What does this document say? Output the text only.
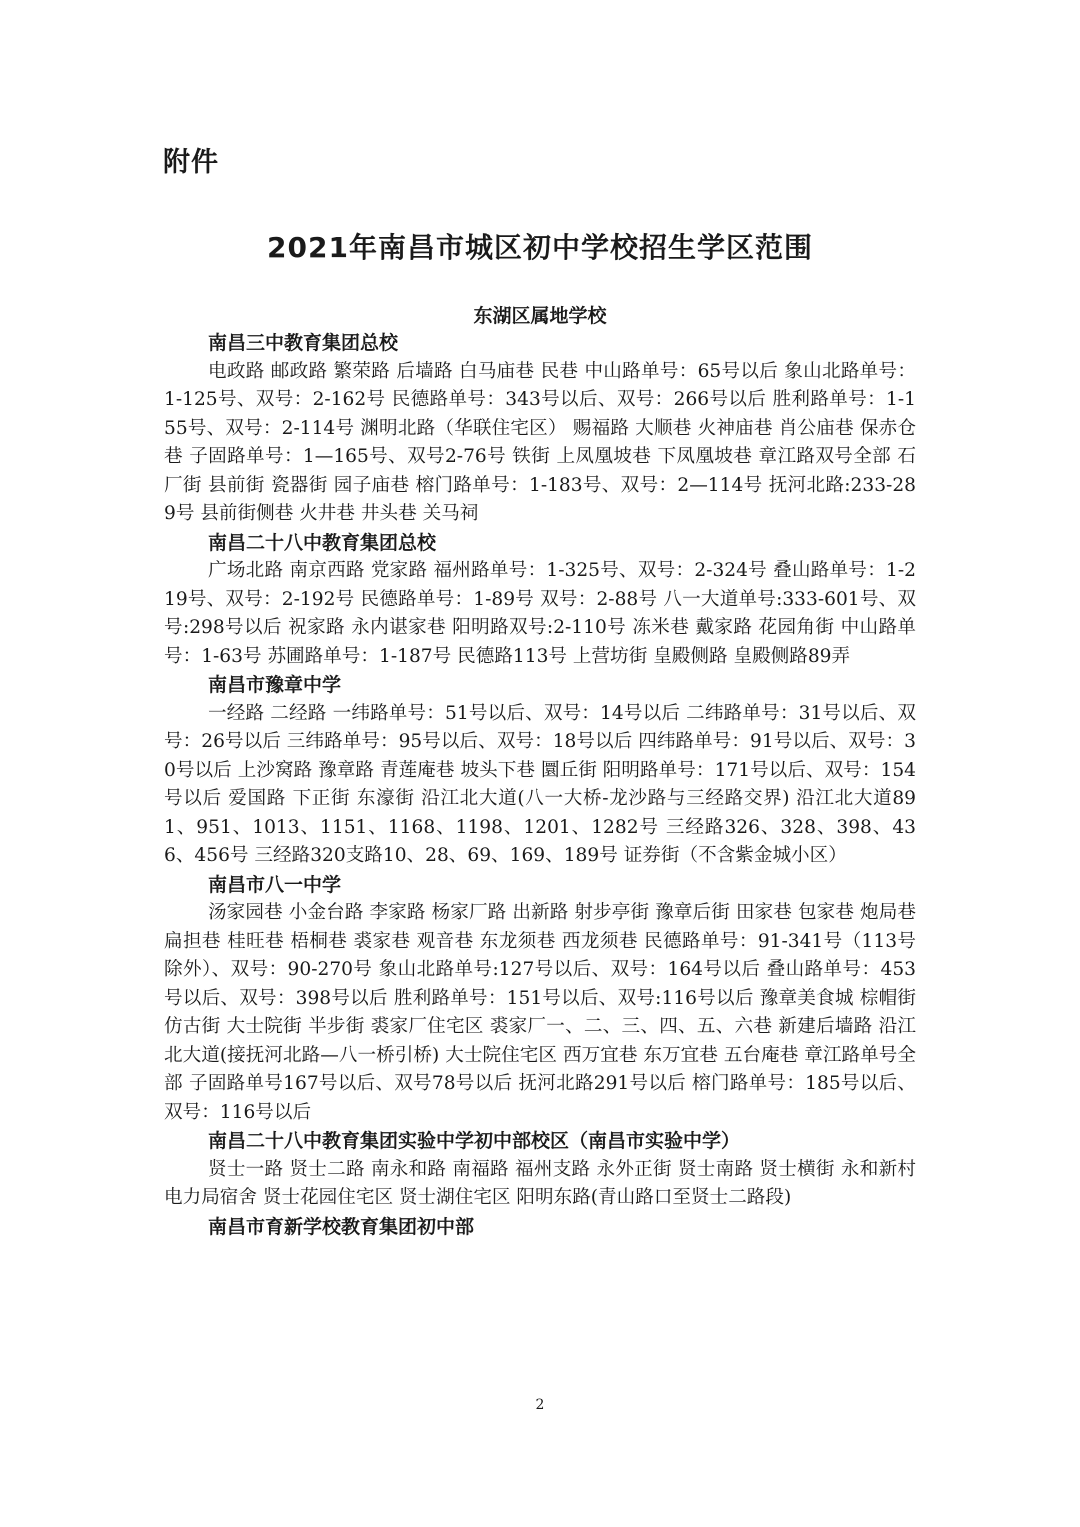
附件
2021年南昌市城区初中学校招生学区范围
东湖区属地学校

南昌三中教育集团总校

电政路 邮政路 繁荣路 后墙路 白马庙巷 民巷 中山路单号：65号以后 象山北路单号：1-125号、双号：2-162号 民德路单号：343号以后、双号：266号以后 胜利路单号：1-155号、双号：2-114号 渊明北路（华联住宅区） 赐福路 大顺巷 火神庙巷 肖公庙巷 保赤仓巷 子固路单号：1—165号、双号2-76号 铁街 上凤凰坡巷 下凤凰坡巷 章江路双号全部 石厂街 县前街 瓷器街 园子庙巷 榕门路单号：1-183号、双号：2—114号 抚河北路:233-289号 县前街侧巷 火井巷 井头巷 关马祠

南昌二十八中教育集团总校

广场北路 南京西路 党家路 福州路单号：1-325号、双号：2-324号 叠山路单号：1-219号、双号：2-192号 民德路单号：1-89号 双号：2-88号 八一大道单号:333-601号、双号:298号以后 祝家路 永内谌家巷 阳明路双号:2-110号 冻米巷 戴家路 花园角街 中山路单号：1-63号 苏圃路单号：1-187号 民德路113号 上营坊街 皇殿侧路 皇殿侧路89弄

南昌市豫章中学

一经路 二经路 一纬路单号：51号以后、双号：14号以后 二纬路单号：31号以后、双号：26号以后 三纬路单号：95号以后、双号：18号以后 四纬路单号：91号以后、双号：30号以后 上沙窝路 豫章路 青莲庵巷 坡头下巷 圜丘街 阳明路单号：171号以后、双号：154号以后 爱国路 下正街 东濠街 沿江北大道(八一大桥-龙沙路与三经路交界) 沿江北大道891、951、1013、1151、1168、1198、1201、1282号 三经路326、328、398、436、456号 三经路320支路10、28、69、169、189号 证券街（不含紫金城小区）

南昌市八一中学

汤家园巷 小金台路 李家路 杨家厂路 出新路 射步亭街 豫章后街 田家巷 包家巷 炮局巷 扁担巷 桂旺巷 梧桐巷 裘家巷 观音巷 东龙须巷 西龙须巷 民德路单号：91-341号（113号除外）、双号：90-270号 象山北路单号:127号以后、双号：164号以后 叠山路单号：453号以后、双号：398号以后 胜利路单号：151号以后、双号:116号以后 豫章美食城 棕帽街 仿古街 大士院街 半步街 裘家厂住宅区 裘家厂一、二、三、四、五、六巷 新建后墙路 沿江北大道(接抚河北路—八一桥引桥) 大士院住宅区 西万宜巷 东万宜巷 五台庵巷 章江路单号全部 子固路单号167号以后、双号78号以后 抚河北路291号以后 榕门路单号：185号以后、双号：116号以后

南昌二十八中教育集团实验中学初中部校区（南昌市实验中学）

贤士一路 贤士二路 南永和路 南福路 福州支路 永外正街 贤士南路 贤士横街 永和新村 电力局宿舍 贤士花园住宅区 贤士湖住宅区 阳明东路(青山路口至贤士二路段)

南昌市育新学校教育集团初中部

2
